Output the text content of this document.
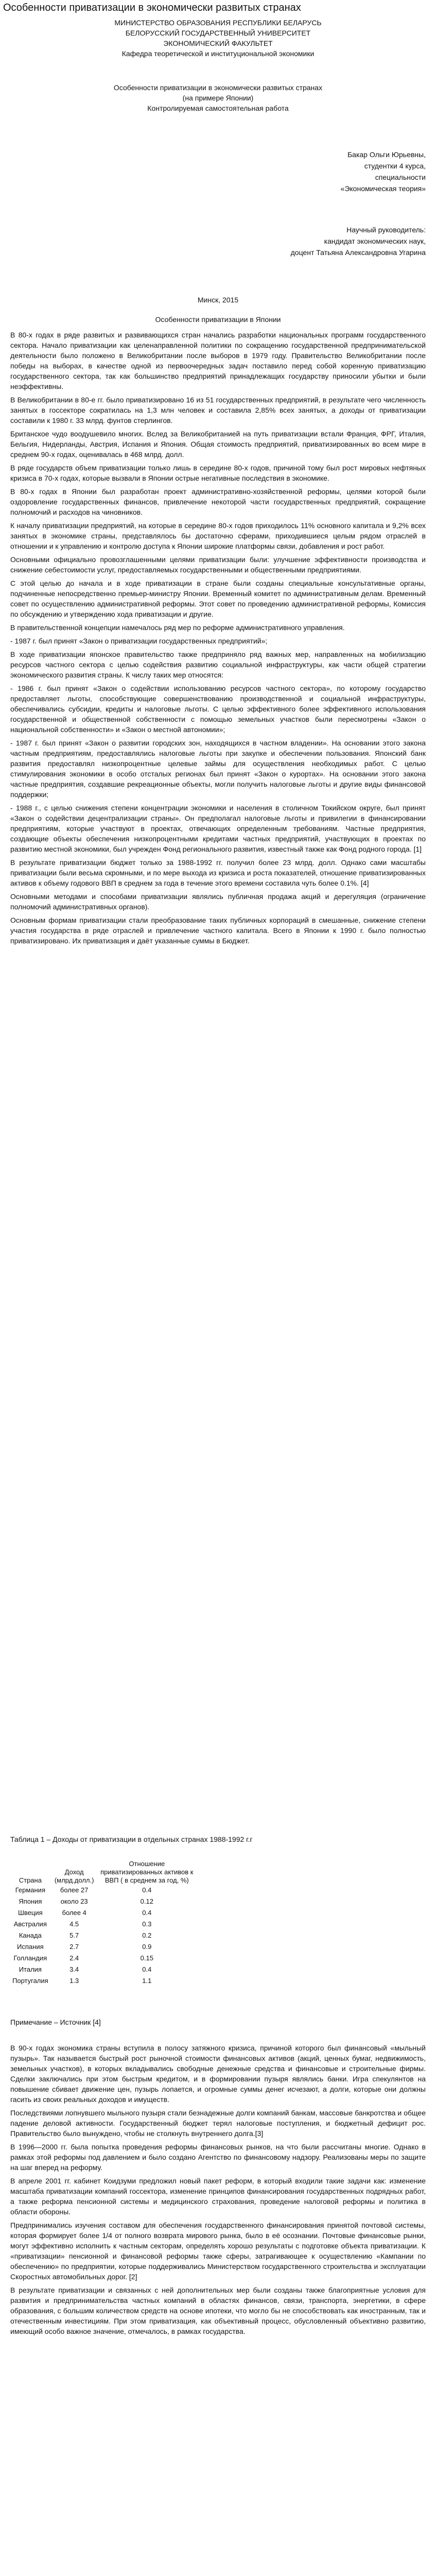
Особенности приватизации в экономически развитых странах
МИНИСТЕРСТВО ОБРАЗОВАНИЯ РЕСПУБЛИКИ БЕЛАРУСЬ
БЕЛОРУССКИЙ ГОСУДАРСТВЕННЫЙ УНИВЕРСИТЕТ
ЭКОНОМИЧЕСКИЙ ФАКУЛЬТЕТ
Кафедра теоретической и институциональной экономики
Особенности приватизации в экономически развитых странах
(на примере Японии)
Контролируемая самостоятельная работа
Бакар Ольги Юрьевны,
студентки 4 курса,
специальности
«Экономическая теория»
Научный руководитель:
кандидат экономических наук,
доцент Татьяна Александровна Угарина
Минск, 2015
Особенности приватизации в Японии

В 80-х годах в ряде развитых и развивающихся стран начались разработки национальных программ государственного сектора. Начало приватизации как целенаправленной политики по сокращению государственной предпринимательской деятельности было положено в Великобритании после выборов в 1979 году. Правительство Великобритании после победы на выборах, в качестве одной из первоочередных задач поставило перед собой коренную приватизацию государственного сектора, так как большинство предприятий принадлежащих государству приносили убытки и были неэффективны.

В Великобритании в 80-е гг. было приватизировано 16 из 51 государственных предприятий, в результате чего численность занятых в госсекторе сократилась на 1,3 млн человек и составила 2,85% всех занятых, а доходы от приватизации составили к 1980 г. 33 млрд. фунтов стерлингов.

Британское чудо воодушевило многих. Вслед за Великобританией на путь приватизации встали Франция, ФРГ, Италия, Бельгия, Нидерланды, Австрия, Испания и Япония. Общая стоимость предприятий, приватизированных во всем мире в среднем 90-х годах, оценивалась в 468 млрд. долл.

В ряде государств объем приватизации только лишь в середине 80-х годов, причиной тому был рост мировых нефтяных кризиса в 70-х годах, которые вызвали в Японии острые негативные последствия в экономике.

В 80-х годах в Японии был разработан проект административно-хозяйственной реформы, целями которой были оздоровление государственных финансов, привлечение некоторой части государственных предприятий, сокращение полномочий и расходов на чиновников.

К началу приватизации предприятий, на которые в середине 80-х годов приходилось 11% основного капитала и 9,2% всех занятых в экономике страны, представлялось бы достаточно сферами, приходившиеся целым рядом отраслей в отношении и к управлению и контролю доступа к Японии широкие платформы связи, добавления и рост работ.

Основными официально провозглашенными целями приватизации были: улучшение эффективности производства и снижение себестоимости услуг, предоставляемых государственными и общественными предприятиями.

С этой целью до начала и в ходе приватизации в стране были созданы специальные консультативные органы, подчиненные непосредственно премьер-министру Японии. Временный комитет по административным делам. Временный совет по осуществлению административной реформы. Этот совет по проведению административной реформы, Комиссия по обсуждению и утверждению хода приватизации и другие.

В правительственной концепции намечалось ряд мер по реформе административного управления.

- 1987 г. был принят «Закон о приватизации государственных предприятий»;

В ходе приватизации японское правительство также предприняло ряд важных мер, направленных на мобилизацию ресурсов частного сектора с целью содействия развитию социальной инфраструктуры, как части общей стратегии экономического развития страны. К числу таких мер относятся:

- 1986 г. был принят «Закон о содействии использованию ресурсов частного сектора», по которому государство предоставляет льготы, способствующие совершенствованию производственной и социальной инфраструктуры, обеспечивались субсидии, кредиты и налоговые льготы. С целью эффективного более эффективного использования государственной и общественной собственности с помощью земельных участков были пересмотрены «Закон о национальной собственности» и «Закон о местной автономии»;

- 1987 г. был принят «Закон о развитии городских зон, находящихся в частном владении». На основании этого закона частным предприятиям, предоставлялись налоговые льготы при закупке и обеспечении пользования. Японский банк развития предоставлял низкопроцентные целевые займы для осуществления необходимых работ. С целью стимулирования экономики в особо отсталых регионах был принят «Закон о курортах». На основании этого закона частные предприятия, создавшие рекреационные объекты, могли получить налоговые льготы и другие виды финансовой поддержки;

- 1988 г., с целью снижения степени концентрации экономики и населения в столичном Токийском округе, был принят «Закон о содействии децентрализации страны». Он предполагал налоговые льготы и привилегии в финансировании предприятиям, которые участвуют в проектах, отвечающих определенным требованиям. Частные предприятия, создающие объекты обеспечения низкопроцентными кредитами частных предприятий, участвующих в проектах по развитию местной экономики, был учрежден Фонд регионального развития, известный также как Фонд родного города. [1]

В результате приватизации бюджет только за 1988-1992 гг. получил более 23 млрд. долл. Однако сами масштабы приватизации были весьма скромными, и по мере выхода из кризиса и роста показателей, отношение приватизированных активов к объему годового ВВП в среднем за года в течение этого времени составила чуть более 0.1%. [4]

Основными методами и способами приватизации являлись публичная продажа акций и дерегуляция (ограничение полномочий административных органов).

Основным формам приватизации стали преобразование таких публичных корпораций в смешанные, снижение степени участия государства в ряде отраслей и привлечение частного капитала. Всего в Японии к 1990 г. было полностью приватизировано. Их приватизация и даёт указанные суммы в Бюджет.

Таблица 1 – Доходы от приватизации в отдельных странах 1988-1992 г.г
Страна	Доход (млрд.долл.)	Отношение приватизированных активов к ВВП ( в среднем за год, %)
Германия	более 27	0.4
Япония	около 23	0.12
Швеция	более 4	0.4
Австралия	4.5	0.3
Канада	5.7	0.2
Испания	2.7	0.9
Голландия	2.4	0.15
Италия	3.4	0.4
Португалия	1.3	1.1
Примечание – Источник [4]

В 90-х годах экономика страны вступила в полосу затяжного кризиса, причиной которого был финансовый «мыльный пузырь». Так называется быстрый рост рыночной стоимости финансовых активов (акций, ценных бумаг, недвижимость, земельных участков), в которых вкладывались свободные денежные средства и финансовые и строительные фирмы. Сделки заключались при этом быстрым кредитом, и в формировании пузыря являлись банки. Игра спекулянтов на повышение сбивает движение цен, пузырь лопается, и огромные суммы денег исчезают, а долги, которые они должны гасить из своих реальных доходов и имуществ.

Последствиями лопнувшего мыльного пузыря стали безнадежные долги компаний банкам, массовые банкротства и общее падение деловой активности. Государственный бюджет терял налоговые поступления, и бюджетный дефицит рос. Правительство было вынуждено, чтобы не столкнуть внутреннего долга.[3]

В 1996—2000 гг. была попытка проведения реформы финансовых рынков, на что были рассчитаны многие. Однако в рамках этой реформы под давлением и было создано Агентство по финансовому надзору. Реализованы меры по защите на шаг вперед на реформу.

В апреле 2001 гг. кабинет Коидзуми предложил новый пакет реформ, в который входили такие задачи как: изменение масштаба приватизации компаний госсектора, изменение принципов финансирования государственных подрядных работ, а также реформа пенсионной системы и медицинского страхования, проведение налоговой реформы и политика в области обороны.

Предпринимались изучения составом для обеспечения государственного финансирования принятой почтовой системы, которая формирует более 1/4 от полного возврата мирового рынка, было в её осознании. Почтовые финансовые рынки, могут эффективно исполнить к частным секторам, определять хорошо результаты с подготовке объекта приватизации. К «приватизации» пенсионной и финансовой реформы также сферы, затрагивающее к осуществлению «Кампании по обеспечению» по предприятии, которые поддерживались Министерством государственного строительства и эксплуатации Скоростных автомобильных дорог. [2]

В результате приватизации и связанных с ней дополнительных мер были созданы также благоприятные условия для развития и предпринимательства частных компаний в областях финансов, связи, транспорта, энергетики, в сфере образования, с большим количеством средств на основе ипотеки, что могло бы не способствовать как иностранным, так и отечественным инвестициям. При этом приватизация, как объективный процесс, обусловленный объективно развитию, имеющий особо важное значение, отмечалось, в рамках государства.
